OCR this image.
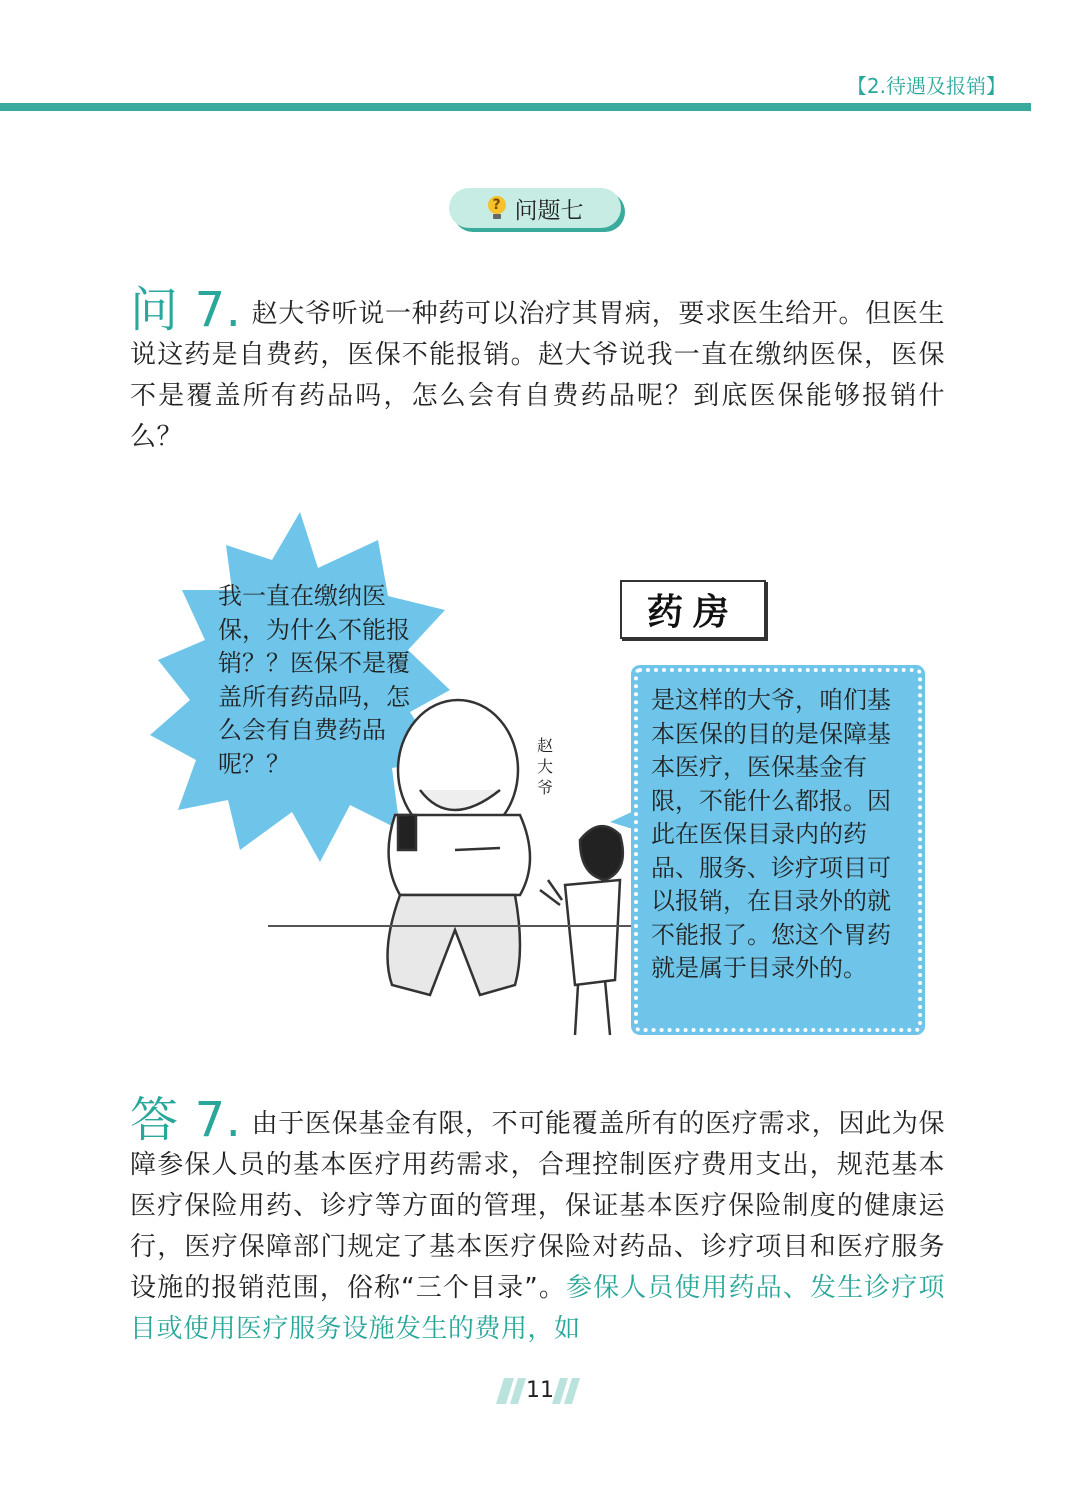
【2.待遇及报销】
?
问题七
问 7. 赵大爷听说一种药可以治疗其胃病，要求医生给开。但医生说这药是自费药，医保不能报销。赵大爷说我一直在缴纳医保，医保不是覆盖所有药品吗，怎么会有自费药品呢？到底医保能够报销什么？
我一直在缴纳医保，为什么不能报销？？医保不是覆盖所有药品吗，怎么会有自费药品呢？？
药房
赵大爷
是这样的大爷，咱们基本医保的目的是保障基本医疗，医保基金有限，不能什么都报。因此在医保目录内的药品、服务、诊疗项目可以报销，在目录外的就不能报了。您这个胃药就是属于目录外的。
答 7. 由于医保基金有限，不可能覆盖所有的医疗需求，因此为保障参保人员的基本医疗用药需求，合理控制医疗费用支出，规范基本医疗保险用药、诊疗等方面的管理，保证基本医疗保险制度的健康运行，医疗保障部门规定了基本医疗保险对药品、诊疗项目和医疗服务设施的报销范围，俗称“三个目录”。参保人员使用药品、发生诊疗项目或使用医疗服务设施发生的费用，如
11
